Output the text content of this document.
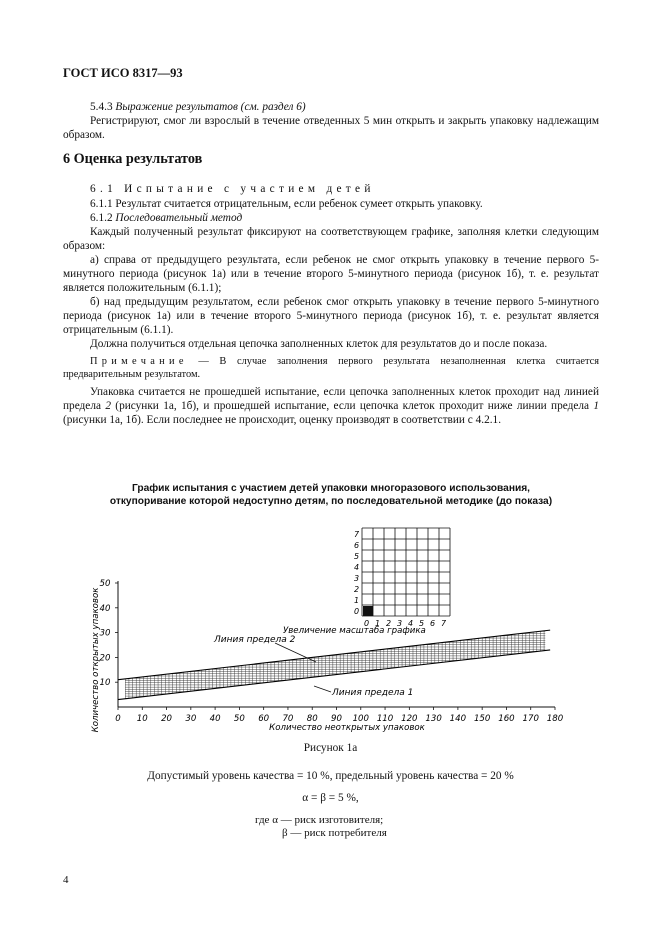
ГОСТ ИСО 8317—93
5.4.3 Выражение результатов (см. раздел 6)
Регистрируют, смог ли взрослый в течение отведенных 5 мин открыть и закрыть упаковку надлежащим образом.
6 Оценка результатов
6.1 Испытание с участием детей
6.1.1 Результат считается отрицательным, если ребенок сумеет открыть упаковку.
6.1.2 Последовательный метод
Каждый полученный результат фиксируют на соответствующем графике, заполняя клетки следующим образом:
а) справа от предыдущего результата, если ребенок не смог открыть упаковку в течение первого 5-минутного периода (рисунок 1а) или в течение второго 5-минутного периода (рисунок 1б), т. е. результат является положительным (6.1.1);
б) над предыдущим результатом, если ребенок смог открыть упаковку в течение первого 5-минутного периода (рисунок 1а) или в течение второго 5-минутного периода (рисунок 1б), т. е. результат является отрицательным (6.1.1).
Должна получиться отдельная цепочка заполненных клеток для результатов до и после показа.
Примечание — В случае заполнения первого результата незаполненная клетка считается предварительным результатом.
Упаковка считается не прошедшей испытание, если цепочка заполненных клеток проходит над линией предела 2 (рисунки 1а, 1б), и прошедшей испытание, если цепочка клеток проходит ниже линии предела 1 (рисунки 1а, 1б). Если последнее не происходит, оценку производят в соответствии с 4.2.1.
График испытания с участием детей упаковки многоразового использования, откупоривание которой недоступно детям, по последовательной методике (до показа)
0 1 2 3 4 5 6 7
0
1
2
3
4
5
6
7
0 10 20 30 40 50 60 70 80 90 100 110 120 130 140 150 160 170 180
10
20
30
40
50
Увеличение масштаба графика
Линия предела 2
Линия предела 1
Количество неоткрытых упаковок
Количество открытых упаковок
Рисунок 1а
Допустимый уровень качества = 10 %, предельный уровень качества = 20 %
α = β = 5 %,
где α — риск изготовителя;
β — риск потребителя
4
